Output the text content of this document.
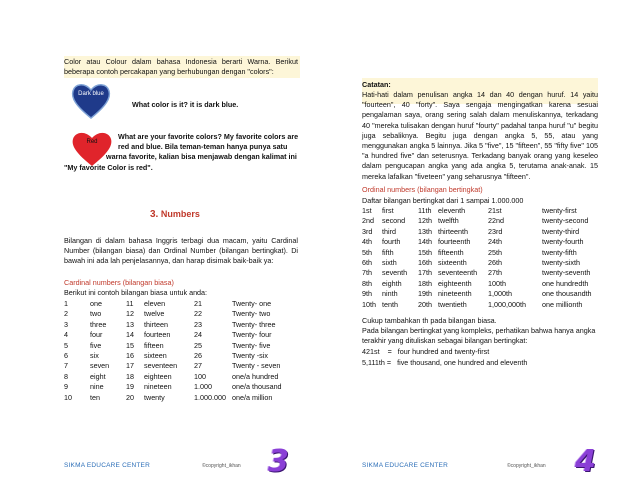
Color atau Colour dalam bahasa Indonesia berarti Warna. Berikut beberapa contoh percakapan yang berhubungan dengan "colors":
Dark blue
What color is it? it is dark blue.
Red
What are your favorite colors? My favorite colors are
red and blue. Bila teman-teman hanya punya satu
warna favorite, kalian bisa menjawab dengan kalimat ini
"My favorite Color is red".
3. Numbers
Bilangan di dalam bahasa Inggris terbagi dua macam, yaitu Cardinal Number (bilangan biasa) dan Ordinal Number (bilangan bertingkat). Di bawah ini ada lah penjelasannya, dan harap disimak baik-baik ya:
Cardinal numbers (bilangan biasa)
Berikut ini contoh bilangan biasa untuk anda:
1	one	11	eleven	21	Twenty- one
2	two	12	twelve	22	Twenty- two
3	three	13	thirteen	23	Twenty- three
4	four	14	fourteen	24	Twenty- four
5	five	15	fifteen	25	Twenty- five
6	six	16	sixteen	26	Twenty -six
7	seven	17	seventeen	27	Twenty - seven
8	eight	18	eighteen	100	one/a hundred
9	nine	19	nineteen	1.000	one/a thousand
10	ten	20	twenty	1.000.000	one/a million
SIKMA EDUCARE CENTER	©copyright_ikhan 3
Catatan:
Hati-hati dalam penulisan angka 14 dan 40 dengan huruf. 14 yaitu "fourteen", 40 "forty". Saya sengaja mengingatkan karena sesuai pengalaman saya, orang sering salah dalam menuliskannya, terkadang 40 "mereka tulisakan dengan huruf "fourty" padahal tanpa huruf "u" begitu juga sebaliknya. Begitu juga dengan angka 5, 55, atau yang menggunakan angka 5 lainnya. Jika 5 "five", 15 "fifteen", 55 "fifty five" 105 "a hundred five" dan seterusnya. Terkadang banyak orang yang keseleo dalam pengucapan angka yang ada angka 5, terutama anak-anak. 15 mereka lafalkan "fiveteen" yang seharusnya "fifteen".
Ordinal numbers (bilangan bertingkat)
Daftar bilangan bertingkat dari 1 sampai 1.000.000
1st	first	11th	eleventh	21st	twenty-first
2nd	second	12th	twelfth	22nd	twenty-second
3rd	third	13th	thirteenth	23rd	twenty-third
4th	fourth	14th	fourteenth	24th	twenty-fourth
5th	fifth	15th	fifteenth	25th	twenty-fifth
6th	sixth	16th	sixteenth	26th	twenty-sixth
7th	seventh	17th	seventeenth	27th	twenty-seventh
8th	eighth	18th	eighteenth	100th	one hundredth
9th	ninth	19th	nineteenth	1,000th	one thousandth
10th	tenth	20th	twentieth	1,000,000th	one millionth
Cukup tambahkan th pada bilangan biasa.
Pada bilangan bertingkat yang kompleks, perhatikan bahwa hanya angka terakhir yang dituliskan sebagai bilangan bertingkat:
421st    =   four hundred and twenty-first
5,111th =   five thousand, one hundred and eleventh
SIKMA EDUCARE CENTER	©copyright_ikhan 4
